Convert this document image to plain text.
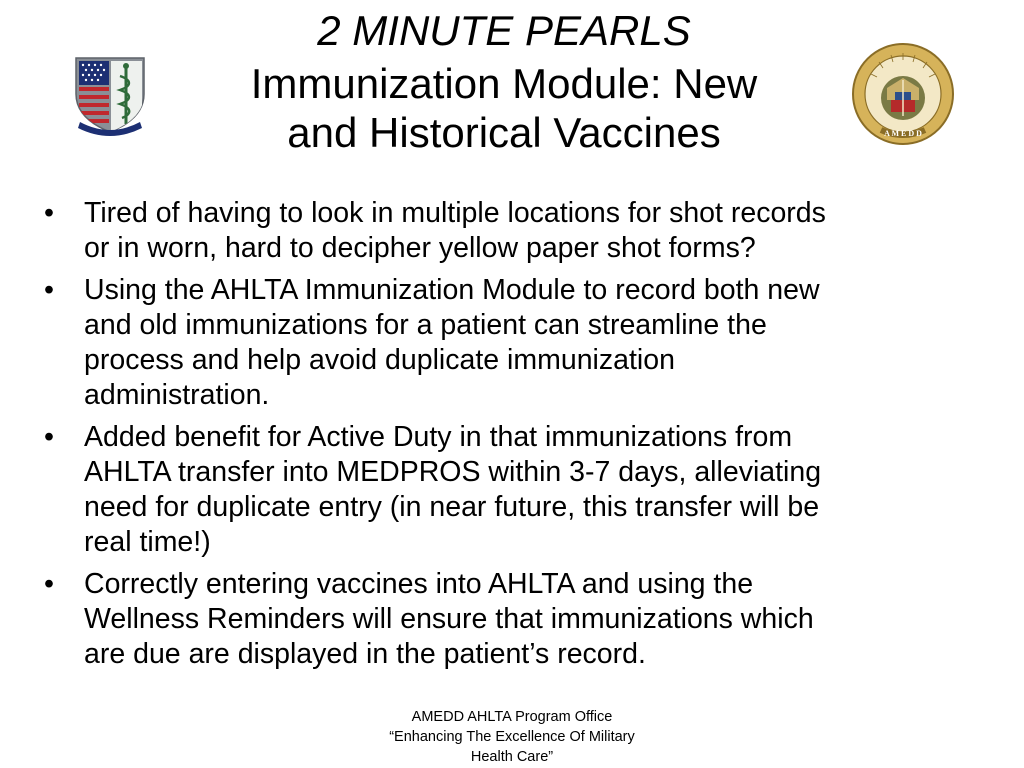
A M E D D
2 MINUTE PEARLS
Immunization Module: New
and Historical Vaccines
•	Tired of having to look in multiple locations for shot records
or in worn, hard to decipher yellow paper shot forms?
•	Using the AHLTA Immunization Module to record both new
and old immunizations for a patient can streamline the
process and help avoid duplicate immunization
administration.
•	Added benefit for Active Duty in that immunizations from
AHLTA transfer into MEDPROS within 3-7 days, alleviating
need for duplicate entry (in near future, this transfer will be
real time!)
•	Correctly entering vaccines into AHLTA and using the
Wellness Reminders will ensure that immunizations which
are due are displayed in the patient’s record.
AMEDD AHLTA Program Office
“Enhancing The Excellence Of Military
Health Care”
